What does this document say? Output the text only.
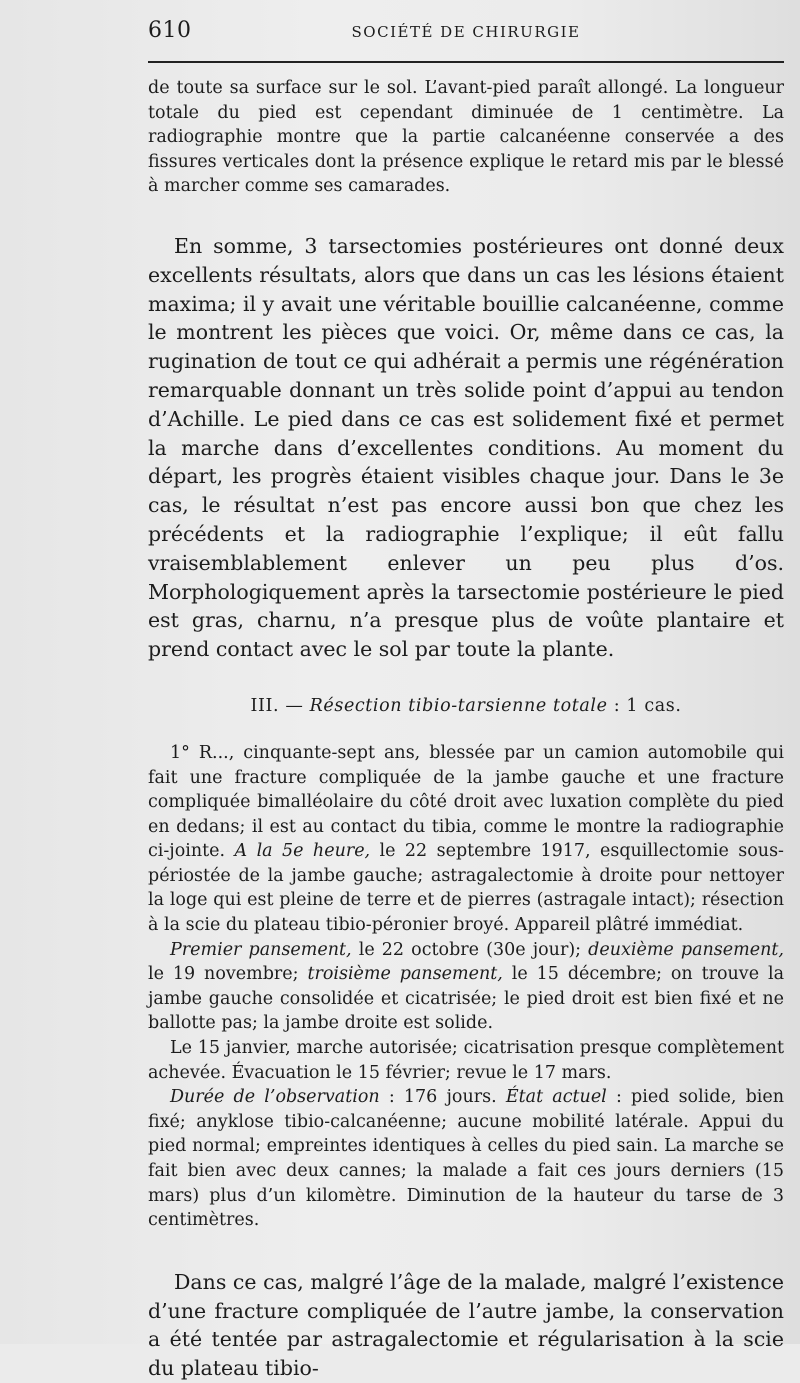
610	SOCIÉTÉ DE CHIRURGIE

de toute sa surface sur le sol. L’avant-pied paraît allongé. La longueur totale du pied est cependant diminuée de 1 centimètre. La radiographie montre que la partie calcanéenne conservée a des fissures verticales dont la présence explique le retard mis par le blessé à marcher comme ses camarades.

En somme, 3 tarsectomies postérieures ont donné deux excellents résultats, alors que dans un cas les lésions étaient maxima; il y avait une véritable bouillie calcanéenne, comme le montrent les pièces que voici. Or, même dans ce cas, la rugination de tout ce qui adhérait a permis une régénération remarquable donnant un très solide point d’appui au tendon d’Achille. Le pied dans ce cas est solidement fixé et permet la marche dans d’excellentes conditions. Au moment du départ, les progrès étaient visibles chaque jour. Dans le 3e cas, le résultat n’est pas encore aussi bon que chez les précédents et la radiographie l’explique; il eût fallu vraisemblablement enlever un peu plus d’os. Morphologiquement après la tarsectomie postérieure le pied est gras, charnu, n’a presque plus de voûte plantaire et prend contact avec le sol par toute la plante.

III. — Résection tibio-tarsienne totale : 1 cas.

1° R..., cinquante-sept ans, blessée par un camion automobile qui fait une fracture compliquée de la jambe gauche et une fracture compliquée bimalléolaire du côté droit avec luxation complète du pied en dedans; il est au contact du tibia, comme le montre la radiographie ci-jointe. A la 5e heure, le 22 septembre 1917, esquillectomie sous-périostée de la jambe gauche; astragalectomie à droite pour nettoyer la loge qui est pleine de terre et de pierres (astragale intact); résection à la scie du plateau tibio-péronier broyé. Appareil plâtré immédiat.

Premier pansement, le 22 octobre (30e jour); deuxième pansement, le 19 novembre; troisième pansement, le 15 décembre; on trouve la jambe gauche consolidée et cicatrisée; le pied droit est bien fixé et ne ballotte pas; la jambe droite est solide.

Le 15 janvier, marche autorisée; cicatrisation presque complètement achevée. Évacuation le 15 février; revue le 17 mars.

Durée de l’observation : 176 jours. État actuel : pied solide, bien fixé; anyklose tibio-calcanéenne; aucune mobilité latérale. Appui du pied normal; empreintes identiques à celles du pied sain. La marche se fait bien avec deux cannes; la malade a fait ces jours derniers (15 mars) plus d’un kilomètre. Diminution de la hauteur du tarse de 3 centimètres.

Dans ce cas, malgré l’âge de la malade, malgré l’existence d’une fracture compliquée de l’autre jambe, la conservation a été tentée par astragalectomie et régularisation à la scie du plateau tibio-
